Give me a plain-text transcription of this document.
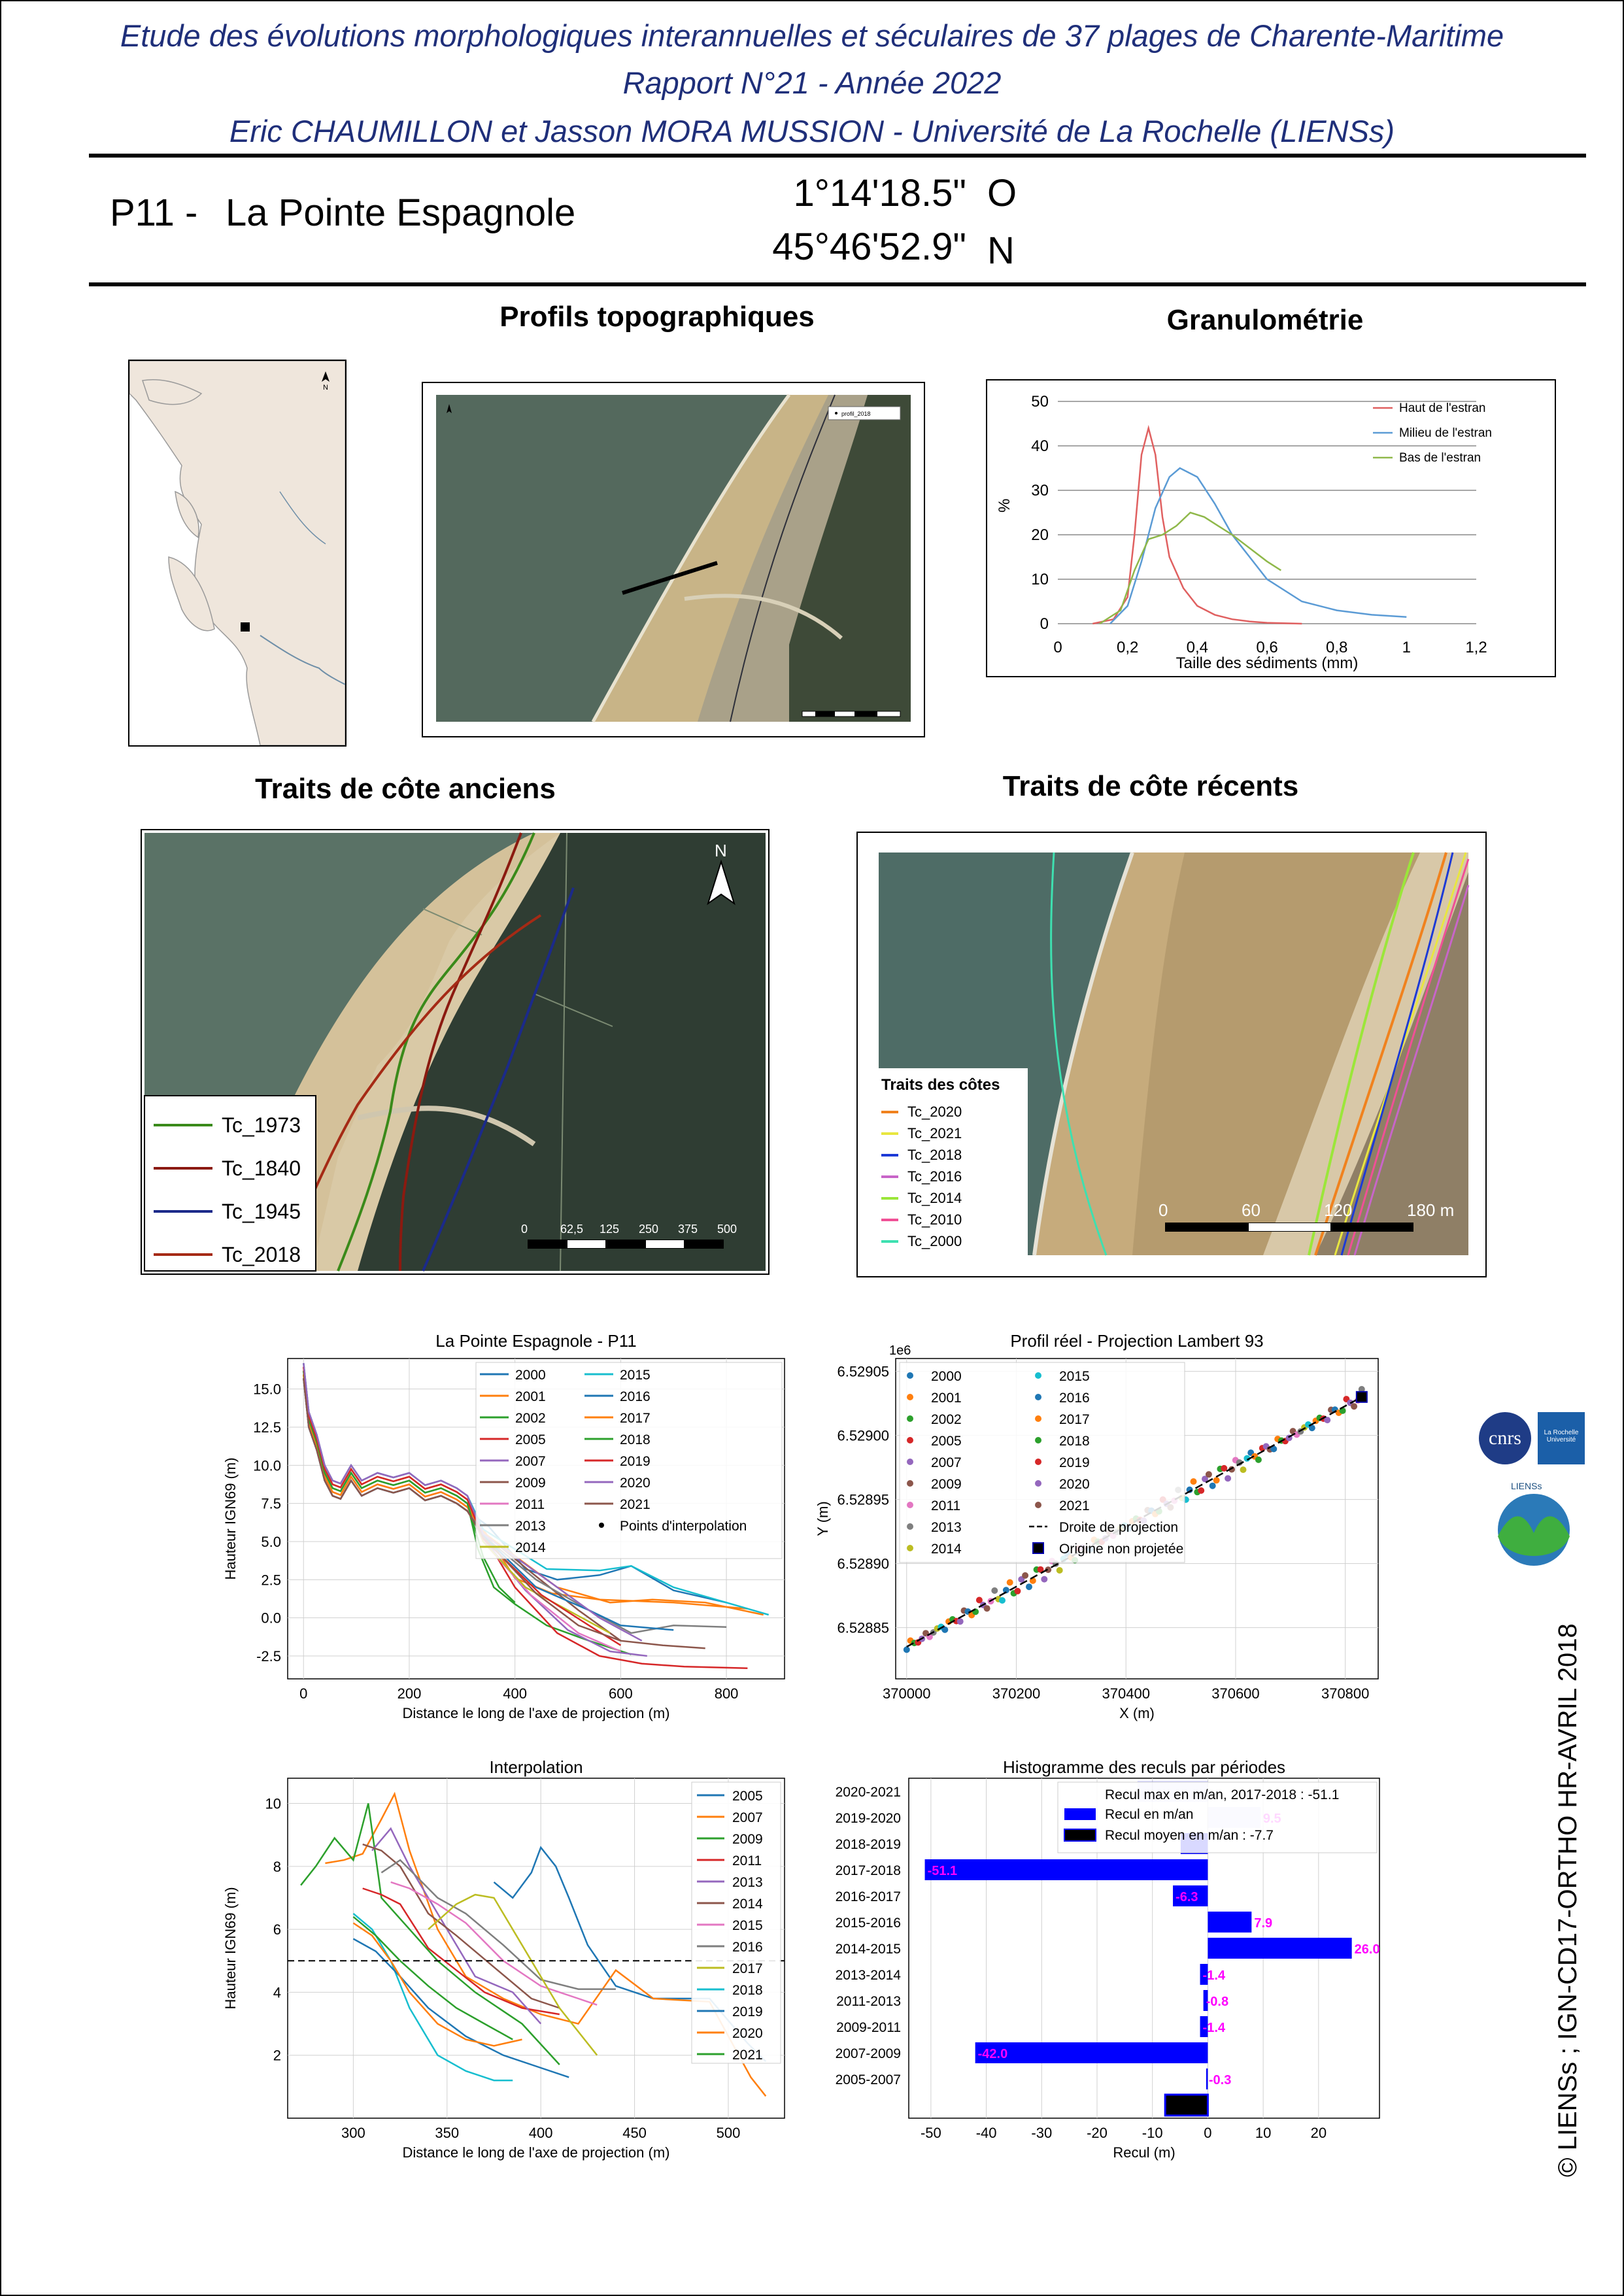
Etude des évolutions morphologiques interannuelles et séculaires de 37 plages de Charente-Maritime
Rapport N°21 - Année 2022
Eric CHAUMILLON et Jasson MORA MUSSION - Université de La Rochelle (LIENSs)
P11 - La Pointe Espagnole	1°14'18.5" O
45°46'52.9" N
Profils topographiques	Granulométrie
Traits de côte anciens	Traits de côte récents
N
profil_2018
0
10
20
30
40
50
0	0,2	0,4	0,6	0,8	1	1,2
Taille des sédiments (mm)
%
Haut de l'estran
Milieu de l'estran
Bas de l'estran
N
Tc_1973
Tc_1840
Tc_1945
Tc_2018
0	62,5 125 250 375 500
Traits des côtes
Tc_2020
Tc_2021
Tc_2018
Tc_2016
Tc_2014
Tc_2010
Tc_2000
0	60	120	180 m
La Pointe Espagnole - P11
-2.5
0.0
2.5
5.0
7.5
10.0
12.5
15.0
0	200	400	600	800
Distance le long de l'axe de projection (m)
Hauteur IGN69 (m)
2000
2001
2002
2005
2007
2009
2011
2013
2014
2015
2016
2017
2018
2019
2020
2021
Points d'interpolation
Profil réel - Projection Lambert 93
1e6
6.52885
6.52890
6.52895
6.52900
6.52905
370000	370200	370400	370600	370800
X (m)
Y (m)
2000
2001
2002
2005
2007
2009
2011
2013
2014
2015
2016
2017
2018
2019
2020
2021
Droite de projection
Origine non projetée
Interpolation
2
4
6
8
10
300	350	400	450	500
Distance le long de l'axe de projection (m)
Hauteur IGN69 (m)
2005
2007
2009
2011
2013
2014
2015
2016
2017
2018
2019
2020
2021
Histogramme des reculs par périodes
-50 -40 -30 -20 -10	0	10	20
Recul (m)
2020-2021
2019-2020
2018-2019
2017-2018 -51.1
2016-2017	-6.3
2015-2016	7.9
2014-2015	26.0
2013-2014	-1.4
2011-2013	-0.8
2009-2011	-1.4
2007-2009	-42.0
2005-2007	-0.3
Recul max en m/an, 2017-2018 : -51.1
Recul en m/an
Recul moyen en m/an : -7.7
cnrs	La Rochelle Université
LIENSs
© LIENSs ; IGN-CD17-ORTHO HR-AVRIL 2018
